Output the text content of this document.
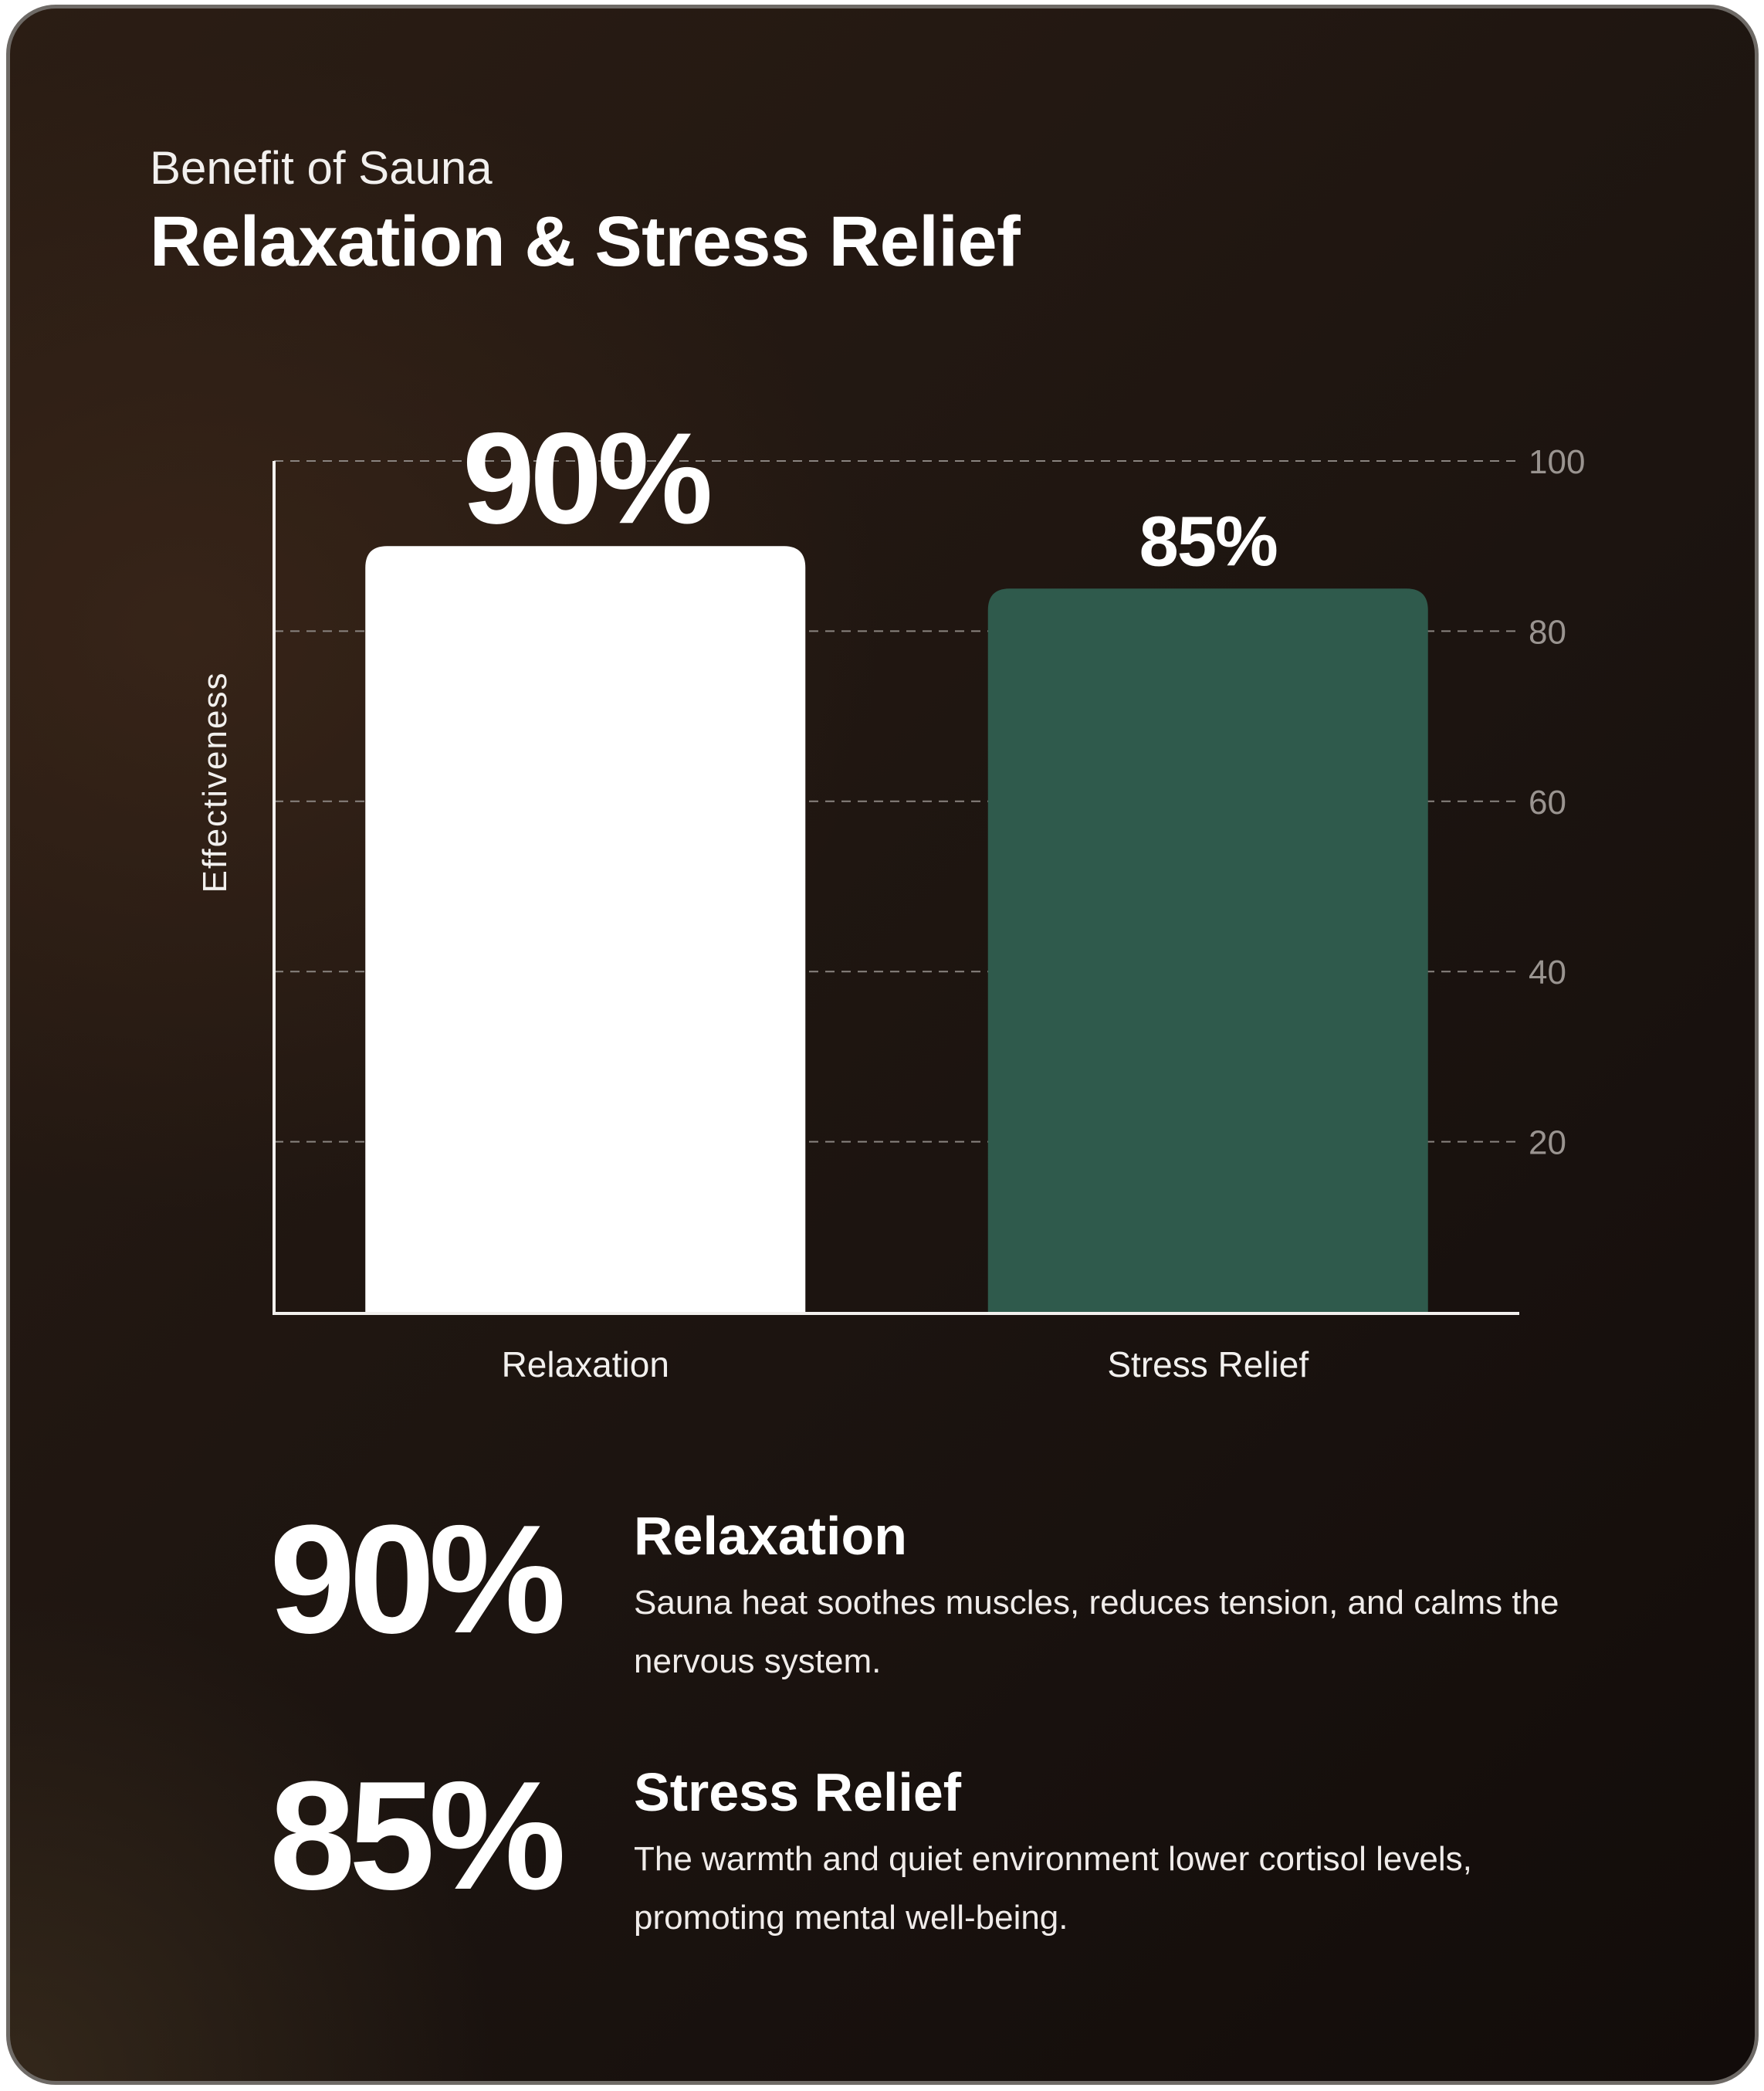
Benefit of Sauna

Relaxation & Stress Relief
20
40
60
80
100
90%
Relaxation
85%
Stress Relief
Effectiveness
90% Relaxation
Sauna heat soothes muscles, reduces tension, and calms the nervous system.
85% Stress Relief
The warmth and quiet environment lower cortisol levels, promoting mental well-being.
